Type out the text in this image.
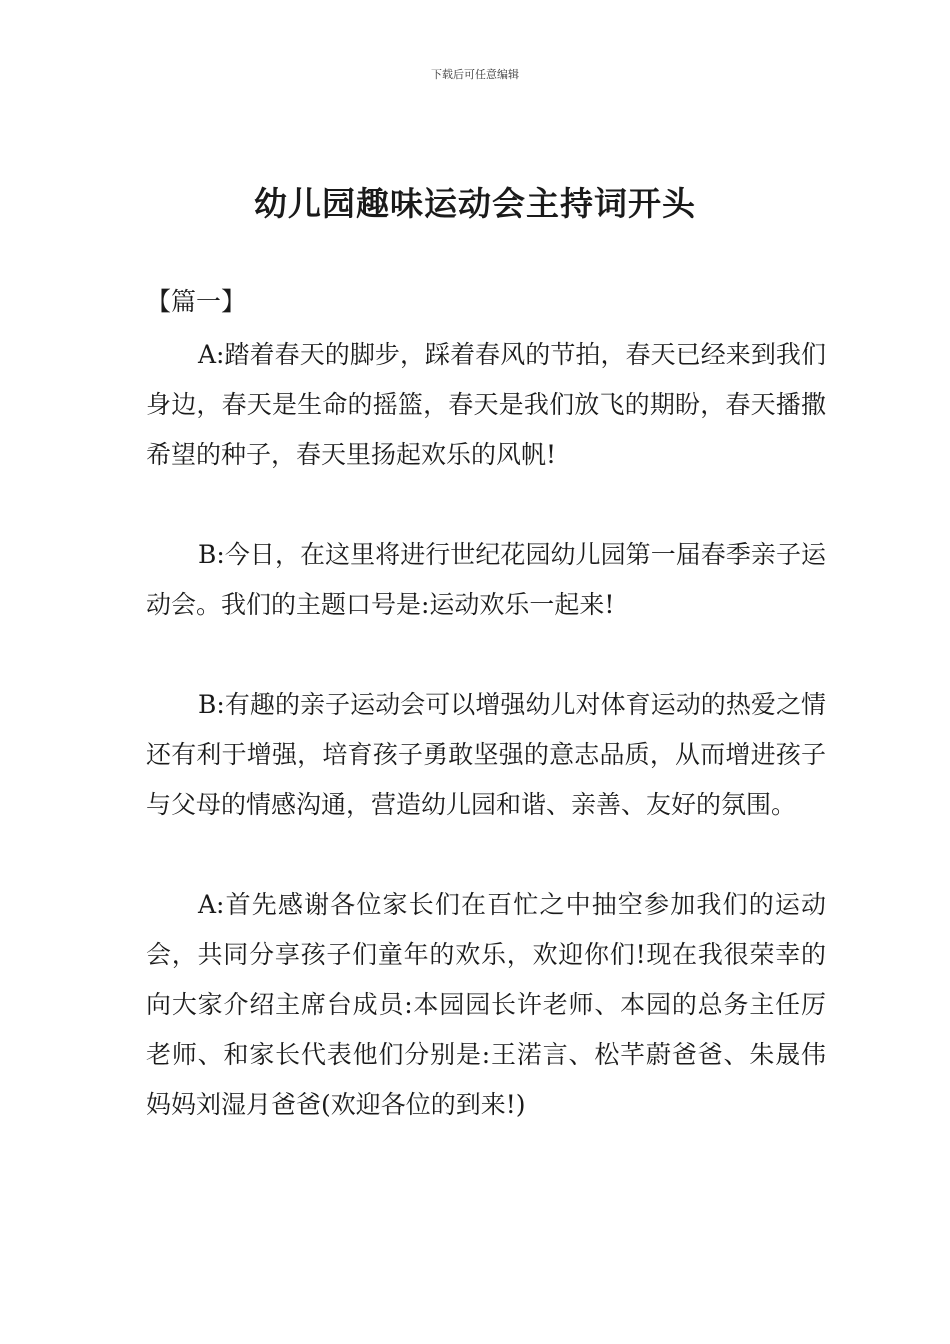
下载后可任意编辑
幼儿园趣味运动会主持词开头
【篇一】

A:踏着春天的脚步，踩着春风的节拍，春天已经来到我们身边，春天是生命的摇篮，春天是我们放飞的期盼，春天播撒希望的种子，春天里扬起欢乐的风帆!

B:今日，在这里将进行世纪花园幼儿园第一届春季亲子运动会。我们的主题口号是:运动欢乐一起来!

B:有趣的亲子运动会可以增强幼儿对体育运动的热爱之情还有利于增强，培育孩子勇敢坚强的意志品质，从而增进孩子与父母的情感沟通，营造幼儿园和谐、亲善、友好的氛围。

A:首先感谢各位家长们在百忙之中抽空参加我们的运动会，共同分享孩子们童年的欢乐，欢迎你们!现在我很荣幸的向大家介绍主席台成员:本园园长许老师、本园的总务主任厉老师、和家长代表他们分别是:王渃言、松芊蔚爸爸、朱晟伟妈妈刘湿月爸爸(欢迎各位的到来!)
